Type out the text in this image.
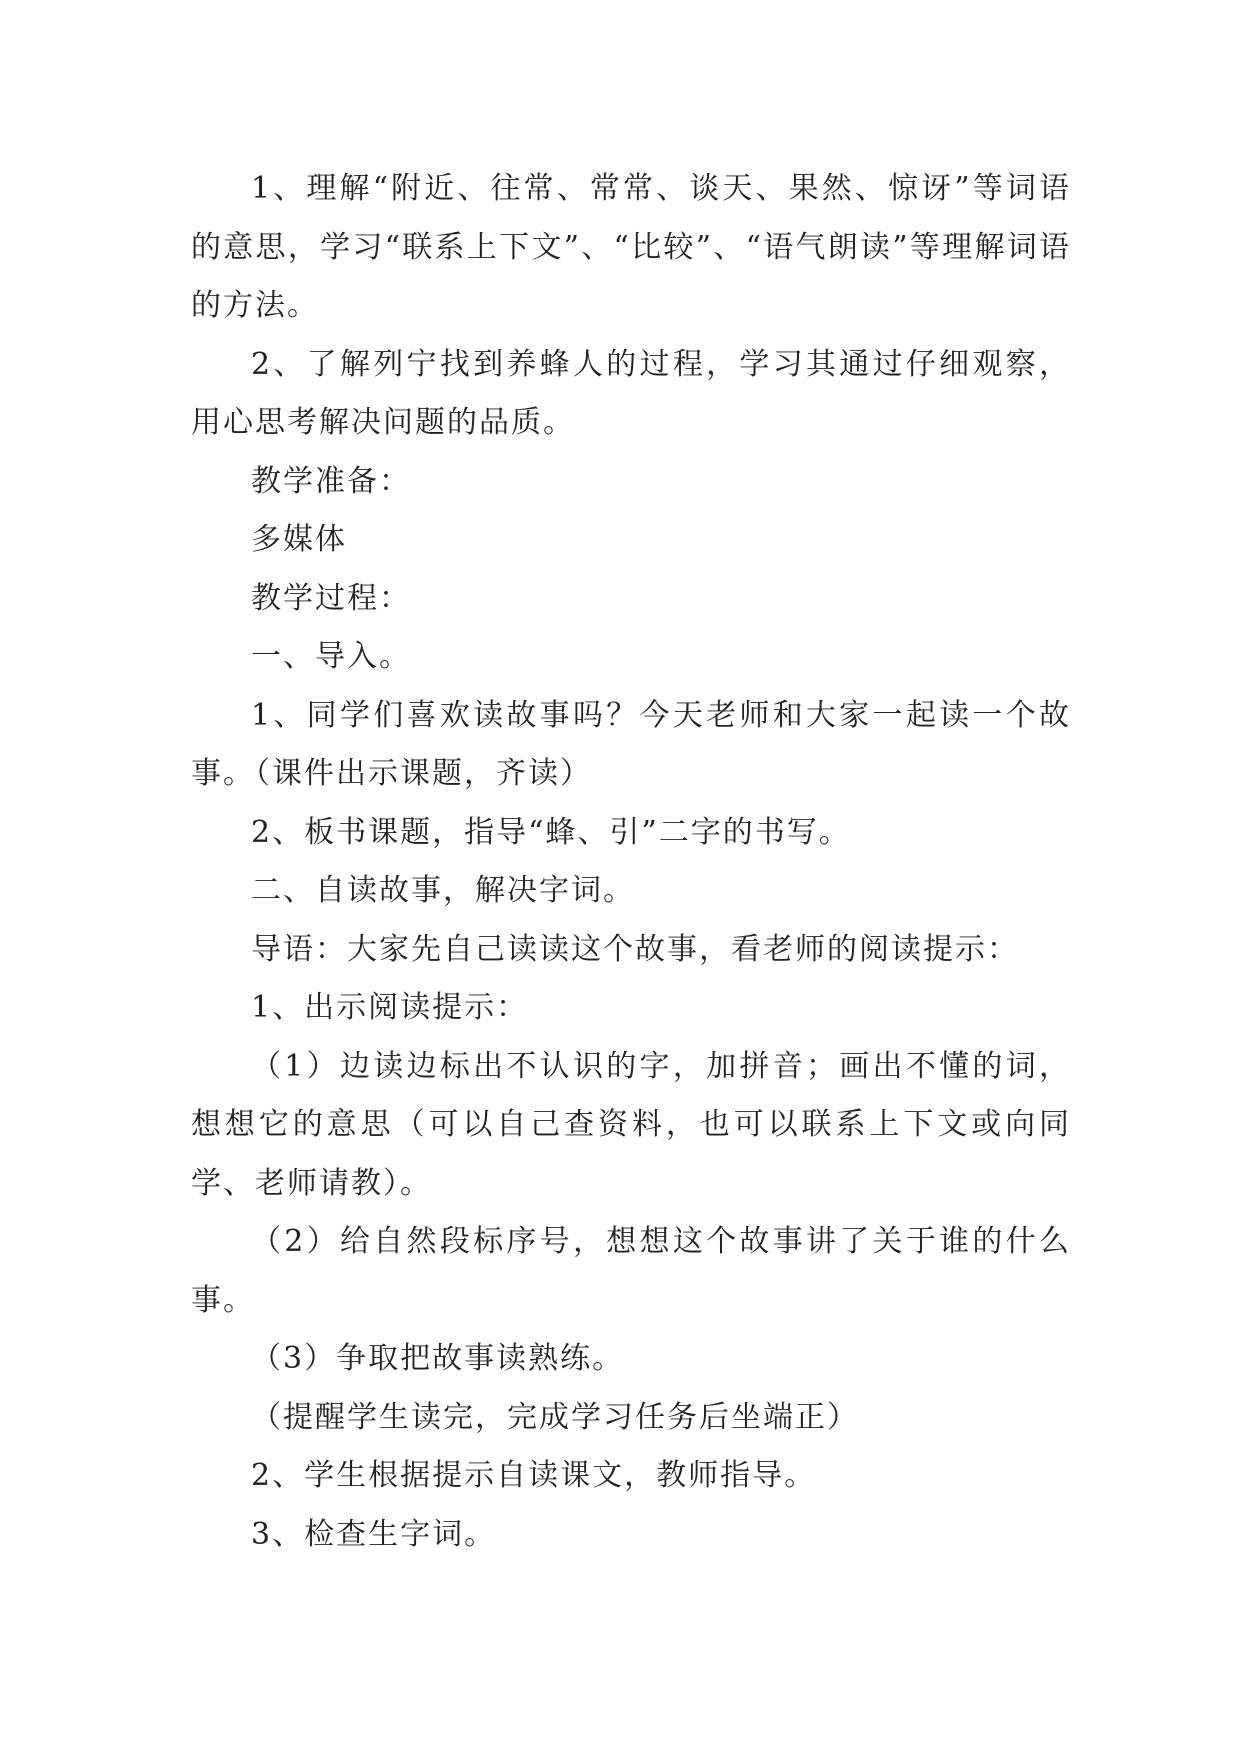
1、理解“附近、往常、常常、谈天、果然、惊讶”等词语的意思，学习“联系上下文”、“比较”、“语气朗读”等理解词语的方法。

2、了解列宁找到养蜂人的过程，学习其通过仔细观察，用心思考解决问题的品质。

教学准备：

多媒体

教学过程：

一、导入。

1、同学们喜欢读故事吗？今天老师和大家一起读一个故事。（课件出示课题，齐读）

2、板书课题，指导“蜂、引”二字的书写。

二、自读故事，解决字词。

导语：大家先自己读读这个故事，看老师的阅读提示：

1、出示阅读提示：

（1）边读边标出不认识的字，加拼音；画出不懂的词，想想它的意思（可以自己查资料，也可以联系上下文或向同学、老师请教）。

（2）给自然段标序号，想想这个故事讲了关于谁的什么事。

（3）争取把故事读熟练。

（提醒学生读完，完成学习任务后坐端正）

2、学生根据提示自读课文，教师指导。

3、检查生字词。
